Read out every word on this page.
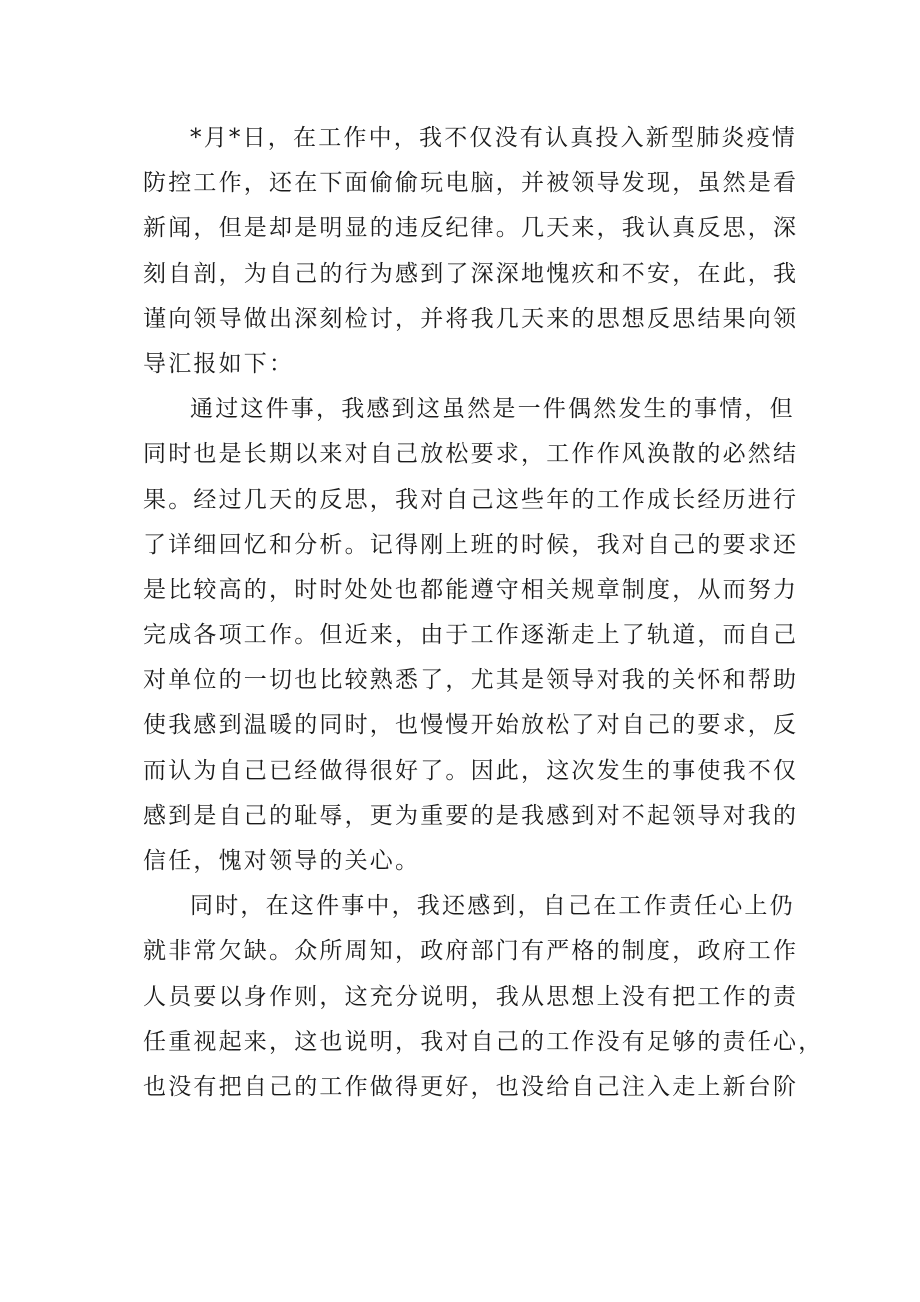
*月*日，在工作中，我不仅没有认真投入新型肺炎疫情
防控工作，还在下面偷偷玩电脑，并被领导发现，虽然是看
新闻，但是却是明显的违反纪律。几天来，我认真反思，深
刻自剖，为自己的行为感到了深深地愧疚和不安，在此，我
谨向领导做出深刻检讨，并将我几天来的思想反思结果向领
导汇报如下：
通过这件事，我感到这虽然是一件偶然发生的事情，但
同时也是长期以来对自己放松要求，工作作风涣散的必然结
果。经过几天的反思，我对自己这些年的工作成长经历进行
了详细回忆和分析。记得刚上班的时候，我对自己的要求还
是比较高的，时时处处也都能遵守相关规章制度，从而努力
完成各项工作。但近来，由于工作逐渐走上了轨道，而自己
对单位的一切也比较熟悉了，尤其是领导对我的关怀和帮助
使我感到温暖的同时，也慢慢开始放松了对自己的要求，反
而认为自己已经做得很好了。因此，这次发生的事使我不仅
感到是自己的耻辱，更为重要的是我感到对不起领导对我的
信任，愧对领导的关心。
同时，在这件事中，我还感到，自己在工作责任心上仍
就非常欠缺。众所周知，政府部门有严格的制度，政府工作
人员要以身作则，这充分说明，我从思想上没有把工作的责
任重视起来，这也说明，我对自己的工作没有足够的责任心，
也没有把自己的工作做得更好，也没给自己注入走上新台阶
